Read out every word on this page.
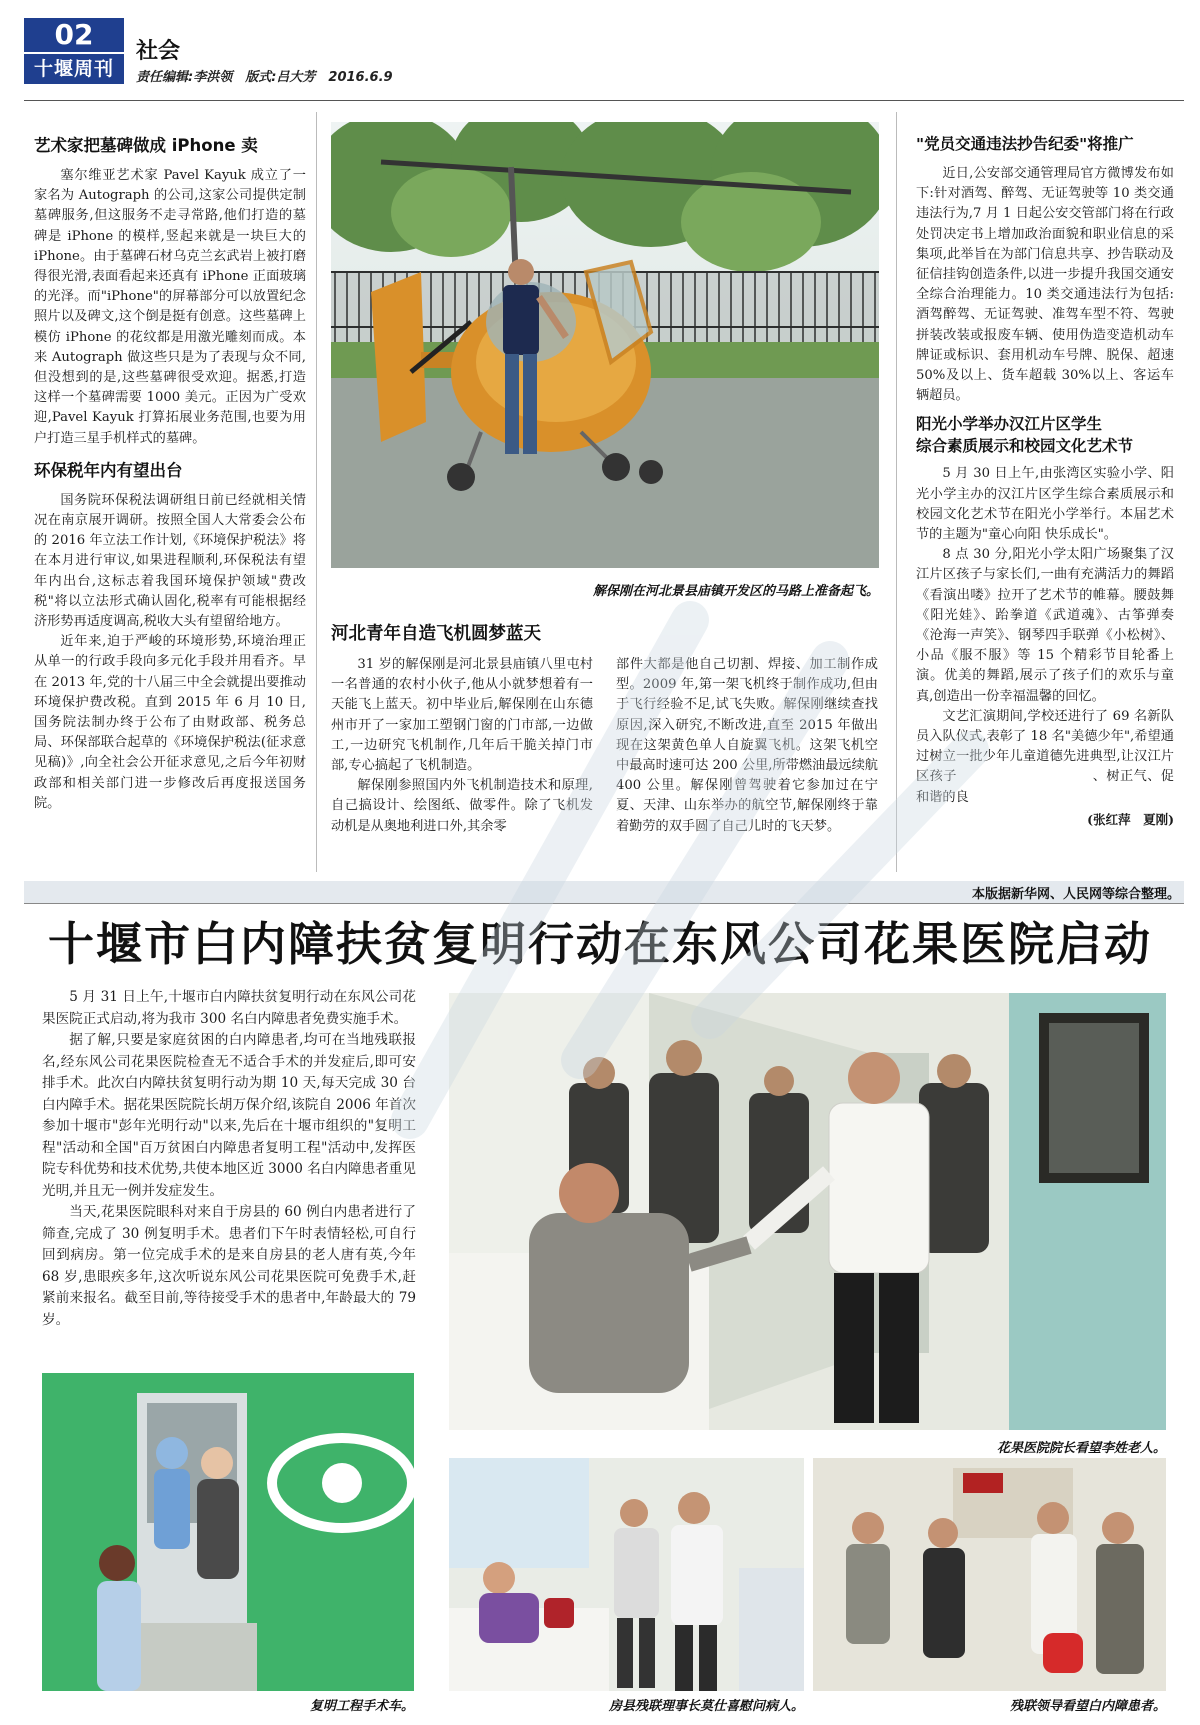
02
十堰周刊
社会
责任编辑:李洪领　版式:吕大芳　2016.6.9
艺术家把墓碑做成 iPhone 卖

塞尔维亚艺术家 Pavel Kayuk 成立了一家名为 Autograph 的公司,这家公司提供定制墓碑服务,但这服务不走寻常路,他们打造的墓碑是 iPhone 的模样,竖起来就是一块巨大的 iPhone。由于墓碑石材乌克兰玄武岩上被打磨得很光滑,表面看起来还真有 iPhone 正面玻璃的光泽。而"iPhone"的屏幕部分可以放置纪念照片以及碑文,这个倒是挺有创意。这些墓碑上模仿 iPhone 的花纹都是用激光雕刻而成。本来 Autograph 做这些只是为了表现与众不同,但没想到的是,这些墓碑很受欢迎。据悉,打造这样一个墓碑需要 1000 美元。正因为广受欢迎,Pavel Kayuk 打算拓展业务范围,也要为用户打造三星手机样式的墓碑。

环保税年内有望出台

国务院环保税法调研组日前已经就相关情况在南京展开调研。按照全国人大常委会公布的 2016 年立法工作计划,《环境保护税法》将在本月进行审议,如果进程顺利,环保税法有望年内出台,这标志着我国环境保护领域"费改税"将以立法形式确认固化,税率有可能根据经济形势再适度调高,税收大头有望留给地方。

近年来,迫于严峻的环境形势,环境治理正从单一的行政手段向多元化手段并用看齐。早在 2013 年,党的十八届三中全会就提出要推动环境保护费改税。直到 2015 年 6 月 10 日,国务院法制办终于公布了由财政部、税务总局、环保部联合起草的《环境保护税法(征求意见稿)》,向全社会公开征求意见,之后今年初财政部和相关部门进一步修改后再度报送国务院。

解保刚在河北景县庙镇开发区的马路上准备起飞。
河北青年自造飞机圆梦蓝天

31 岁的解保刚是河北景县庙镇八里屯村一名普通的农村小伙子,他从小就梦想着有一天能飞上蓝天。初中毕业后,解保刚在山东德州市开了一家加工塑钢门窗的门市部,一边做工,一边研究飞机制作,几年后干脆关掉门市部,专心搞起了飞机制造。

解保刚参照国内外飞机制造技术和原理,自己搞设计、绘图纸、做零件。除了飞机发动机是从奥地利进口外,其余零

部件大都是他自己切割、焊接、加工制作成型。2009 年,第一架飞机终于制作成功,但由于飞行经验不足,试飞失败。解保刚继续查找原因,深入研究,不断改进,直至 2015 年做出现在这架黄色单人自旋翼飞机。这架飞机空中最高时速可达 200 公里,所带燃油最远续航 400 公里。解保刚曾驾驶着它参加过在宁夏、天津、山东举办的航空节,解保刚终于靠着勤劳的双手圆了自己儿时的飞天梦。

"党员交通违法抄告纪委"将推广

近日,公安部交通管理局官方微博发布如下:针对酒驾、醉驾、无证驾驶等 10 类交通违法行为,7 月 1 日起公安交管部门将在行政处罚决定书上增加政治面貌和职业信息的采集项,此举旨在为部门信息共享、抄告联动及征信挂钩创造条件,以进一步提升我国交通安全综合治理能力。10 类交通违法行为包括:酒驾醉驾、无证驾驶、准驾车型不符、驾驶拼装改装或报废车辆、使用伪造变造机动车牌证或标识、套用机动车号牌、脱保、超速 50%及以上、货车超载 30%以上、客运车辆超员。

阳光小学举办汉江片区学生
综合素质展示和校园文化艺术节

5 月 30 日上午,由张湾区实验小学、阳光小学主办的汉江片区学生综合素质展示和校园文化艺术节在阳光小学举行。本届艺术节的主题为"童心向阳 快乐成长"。

8 点 30 分,阳光小学太阳广场聚集了汉江片区孩子与家长们,一曲有充满活力的舞蹈《看演出喽》拉开了艺术节的帷幕。腰鼓舞《阳光娃》、跆拳道《武道魂》、古筝弹奏《沧海一声笑》、钢琴四手联弹《小松树》、小品《服不服》等 15 个精彩节目轮番上演。优美的舞蹈,展示了孩子们的欢乐与童真,创造出一份幸福温馨的回忆。

文艺汇演期间,学校还进行了 69 名新队员入队仪式,表彰了 18 名"美德少年",希望通过树立一批少年儿童道德先进典型,让汉江片区孩子　　　　　　　　　　、树正气、促和谐的良

(张红萍　夏刚)
本版据新华网、人民网等综合整理。
十堰市白内障扶贫复明行动在东风公司花果医院启动

5 月 31 日上午,十堰市白内障扶贫复明行动在东风公司花果医院正式启动,将为我市 300 名白内障患者免费实施手术。

据了解,只要是家庭贫困的白内障患者,均可在当地残联报名,经东风公司花果医院检查无不适合手术的并发症后,即可安排手术。此次白内障扶贫复明行动为期 10 天,每天完成 30 台白内障手术。据花果医院院长胡万保介绍,该院自 2006 年首次参加十堰市"彭年光明行动"以来,先后在十堰市组织的"复明工程"活动和全国"百万贫困白内障患者复明工程"活动中,发挥医院专科优势和技术优势,共使本地区近 3000 名白内障患者重见光明,并且无一例并发症发生。

当天,花果医院眼科对来自于房县的 60 例白内患者进行了筛查,完成了 30 例复明手术。患者们下午时表情轻松,可自行回到病房。第一位完成手术的是来自房县的老人唐有英,今年 68 岁,患眼疾多年,这次听说东风公司花果医院可免费手术,赶紧前来报名。截至目前,等待接受手术的患者中,年龄最大的 79 岁。

花果医院院长看望李姓老人。
复明工程手术车。	房县残联理事长莫仕喜慰问病人。	残联领导看望白内障患者。
